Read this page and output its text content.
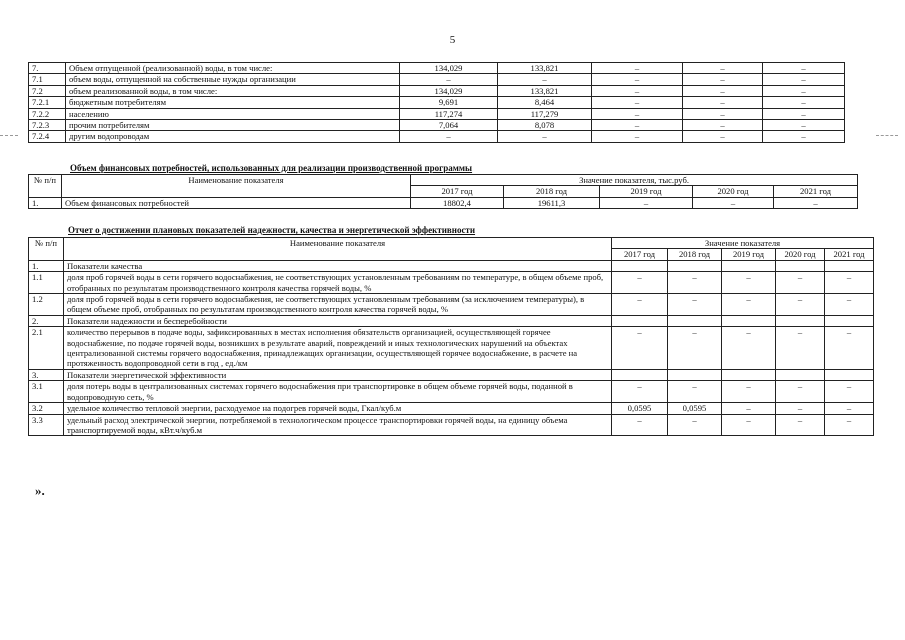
5
7.	Объем отпущенной (реализованной) воды, в том числе:	134,029	133,821	–	–	–
7.1	объем воды, отпущенной на собственные нужды организации	–	–	–	–	–
7.2	объем реализованной воды, в том числе:	134,029	133,821	–	–	–
7.2.1	бюджетным потребителям	9,691	8,464	–	–	–
7.2.2	населению	117,274	117,279	–	–	–
7.2.3	прочим потребителям	7,064	8,078	–	–	–
7.2.4	другим водопроводам	–	–	–	–	–
Объем финансовых потребностей, использованных для реализации производственной программы
№ п/п	Наименование показателя	Значение показателя, тыс.руб.				
		2017 год	2018 год	2019 год	2020 год	2021 год
1.	Объем финансовых потребностей	18802,4	19611,3	–	–	–
Отчет о достижении плановых показателей надежности, качества и энергетической эффективности
№ п/п	Наименование показателя	Значение показателя				
		2017 год	2018 год	2019 год	2020 год	2021 год
1.	Показатели качества					
1.1	доля проб горячей воды в сети горячего водоснабжения, не соответствующих установленным требованиям по температуре, в общем объеме проб, отобранных по результатам производственного контроля качества горячей воды, %	–	–	–	–	–
1.2	доля проб горячей воды в сети горячего водоснабжения, не соответствующих установленным требованиям (за исключением температуры), в общем объеме проб, отобранных по результатам производственного контроля качества горячей воды, %	–	–	–	–	–
2.	Показатели надежности и бесперебойности					
2.1	количество перерывов в подаче воды, зафиксированных в местах исполнения обязательств организацией, осуществляющей горячее водоснабжение, по подаче горячей воды, возникших в результате аварий, повреждений и иных технологических нарушений на объектах централизованной системы горячего водоснабжения, принадлежащих организации, осуществляющей горячее водоснабжение, в расчете на протяженность водопроводной сети в год , ед./км	–	–	–	–	–
3.	Показатели энергетической эффективности					
3.1	доля потерь воды в централизованных системах горячего водоснабжения при транспортировке в общем объеме горячей воды, поданной в водопроводную сеть, %	–	–	–	–	–
3.2	удельное количество тепловой энергии, расходуемое на подогрев горячей воды, Гкал/куб.м	0,0595	0,0595	–	–	–
3.3	удельный расход электрической энергии, потребляемой в технологическом процессе транспортировки горячей воды, на единицу объема транспортируемой воды, кВт.ч/куб.м	–	–	–	–	–
».
